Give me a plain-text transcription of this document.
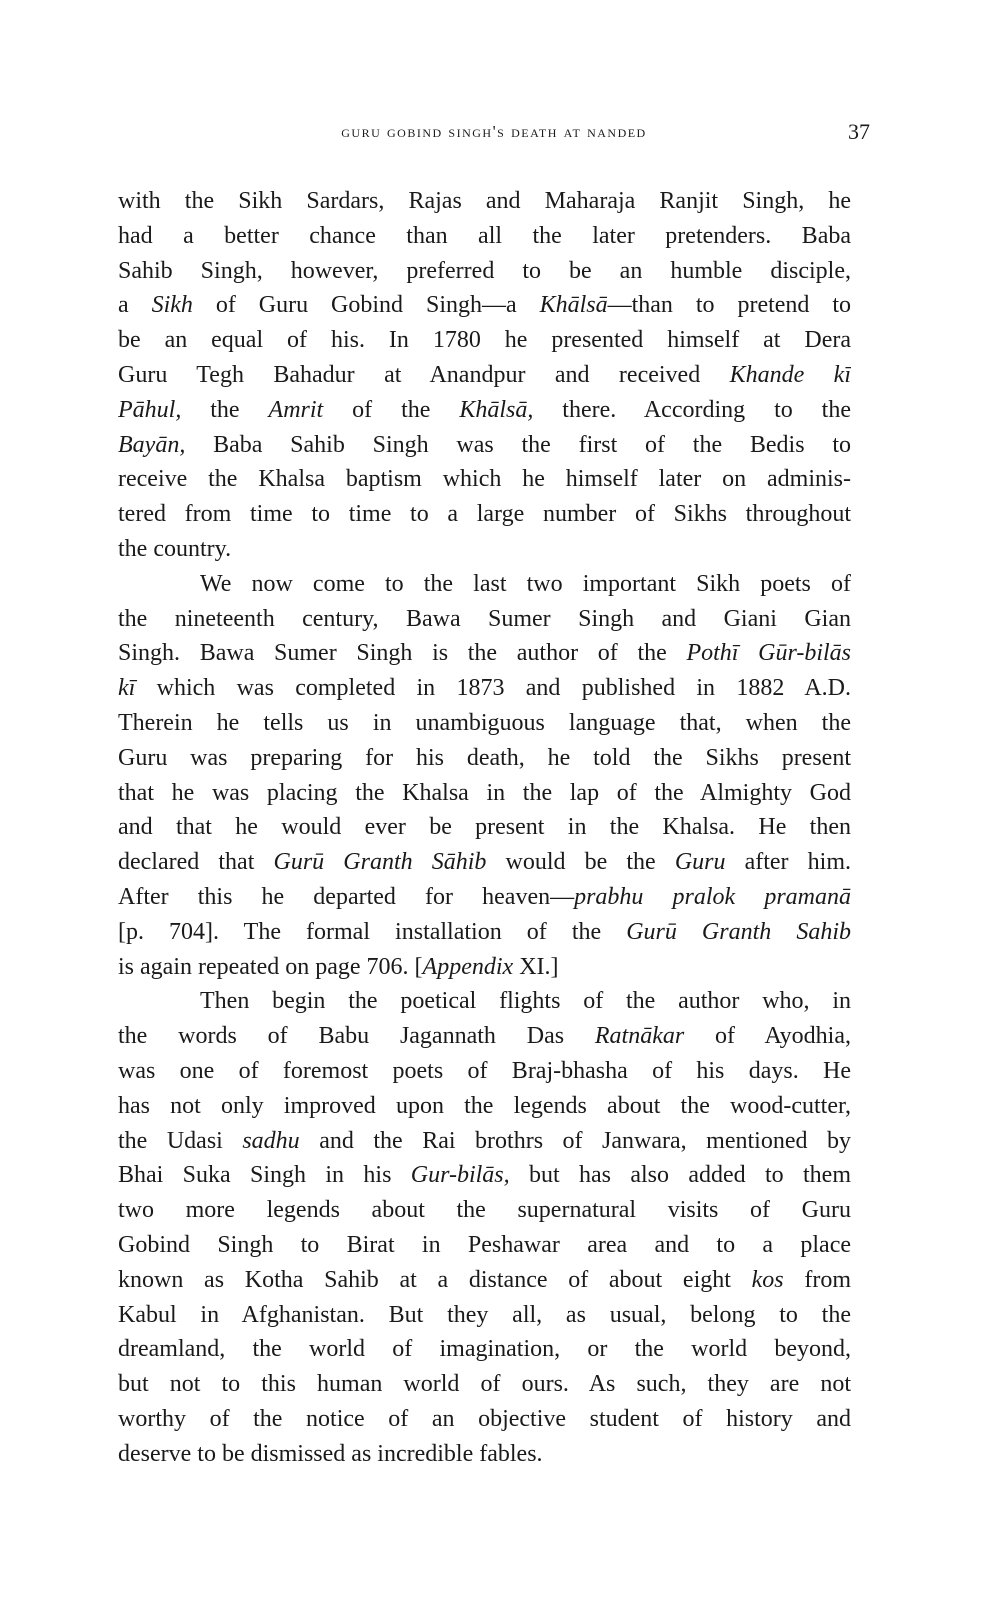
guru gobind singh's death at nanded	37
with the Sikh Sardars, Rajas and Maharaja Ranjit Singh, he
had a better chance than all the later pretenders. Baba
Sahib Singh, however, preferred to be an humble disciple,
a Sikh of Guru Gobind Singh—a Khālsā—than to pretend to
be an equal of his. In 1780 he presented himself at Dera
Guru Tegh Bahadur at Anandpur and received Khande kī
Pāhul, the Amrit of the Khālsā, there. According to the
Bayān, Baba Sahib Singh was the first of the Bedis to
receive the Khalsa baptism which he himself later on adminis-
tered from time to time to a large number of Sikhs throughout
the country.
We now come to the last two important Sikh poets of
the nineteenth century, Bawa Sumer Singh and Giani Gian
Singh. Bawa Sumer Singh is the author of the Pothī Gūr-bilās
kī which was completed in 1873 and published in 1882 A.D.
Therein he tells us in unambiguous language that, when the
Guru was preparing for his death, he told the Sikhs present
that he was placing the Khalsa in the lap of the Almighty God
and that he would ever be present in the Khalsa. He then
declared that Gurū Granth Sāhib would be the Guru after him.
After this he departed for heaven—prabhu pralok pramanā
[p. 704]. The formal installation of the Gurū Granth Sahib
is again repeated on page 706. [Appendix XI.]
Then begin the poetical flights of the author who, in
the words of Babu Jagannath Das Ratnākar of Ayodhia,
was one of foremost poets of Braj-bhasha of his days. He
has not only improved upon the legends about the wood-cutter,
the Udasi sadhu and the Rai brothrs of Janwara, mentioned by
Bhai Suka Singh in his Gur-bilās, but has also added to them
two more legends about the supernatural visits of Guru
Gobind Singh to Birat in Peshawar area and to a place
known as Kotha Sahib at a distance of about eight kos from
Kabul in Afghanistan. But they all, as usual, belong to the
dreamland, the world of imagination, or the world beyond,
but not to this human world of ours. As such, they are not
worthy of the notice of an objective student of history and
deserve to be dismissed as incredible fables.
